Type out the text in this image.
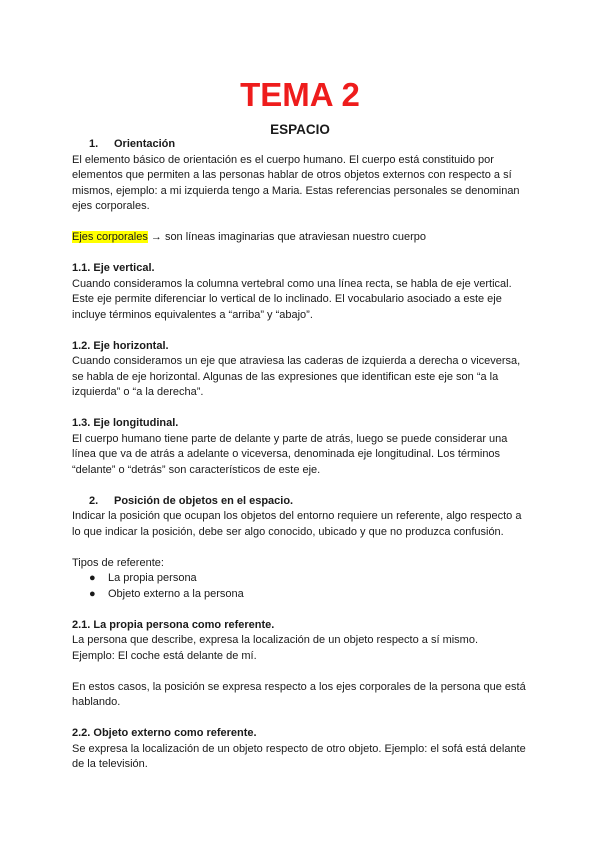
TEMA 2
ESPACIO

1. Orientación

El elemento básico de orientación es el cuerpo humano. El cuerpo está constituido por elementos que permiten a las personas hablar de otros objetos externos con respecto a sí mismos, ejemplo: a mi izquierda tengo a Maria. Estas referencias personales se denominan ejes corporales.

Ejes corporales → son líneas imaginarias que atraviesan nuestro cuerpo

1.1. Eje vertical.

Cuando consideramos la columna vertebral como una línea recta, se habla de eje vertical. Este eje permite diferenciar lo vertical de lo inclinado. El vocabulario asociado a este eje incluye términos equivalentes a “arriba” y “abajo”.

1.2. Eje horizontal.

Cuando consideramos un eje que atraviesa las caderas de izquierda a derecha o viceversa, se habla de eje horizontal. Algunas de las expresiones que identifican este eje son “a la izquierda” o “a la derecha”.

1.3. Eje longitudinal.

El cuerpo humano tiene parte de delante y parte de atrás, luego se puede considerar una línea que va de atrás a adelante o viceversa, denominada eje longitudinal. Los términos “delante” o “detrás” son característicos de este eje.

2. Posición de objetos en el espacio.

Indicar la posición que ocupan los objetos del entorno requiere un referente, algo respecto a lo que indicar la posición, debe ser algo conocido, ubicado y que no produzca confusión.

Tipos de referente:

● La propia persona
● Objeto externo a la persona

2.1. La propia persona como referente.

La persona que describe, expresa la localización de un objeto respecto a sí mismo.

Ejemplo: El coche está delante de mí.

En estos casos, la posición se expresa respecto a los ejes corporales de la persona que está hablando.

2.2. Objeto externo como referente.

Se expresa la localización de un objeto respecto de otro objeto. Ejemplo: el sofá está delante de la televisión.
